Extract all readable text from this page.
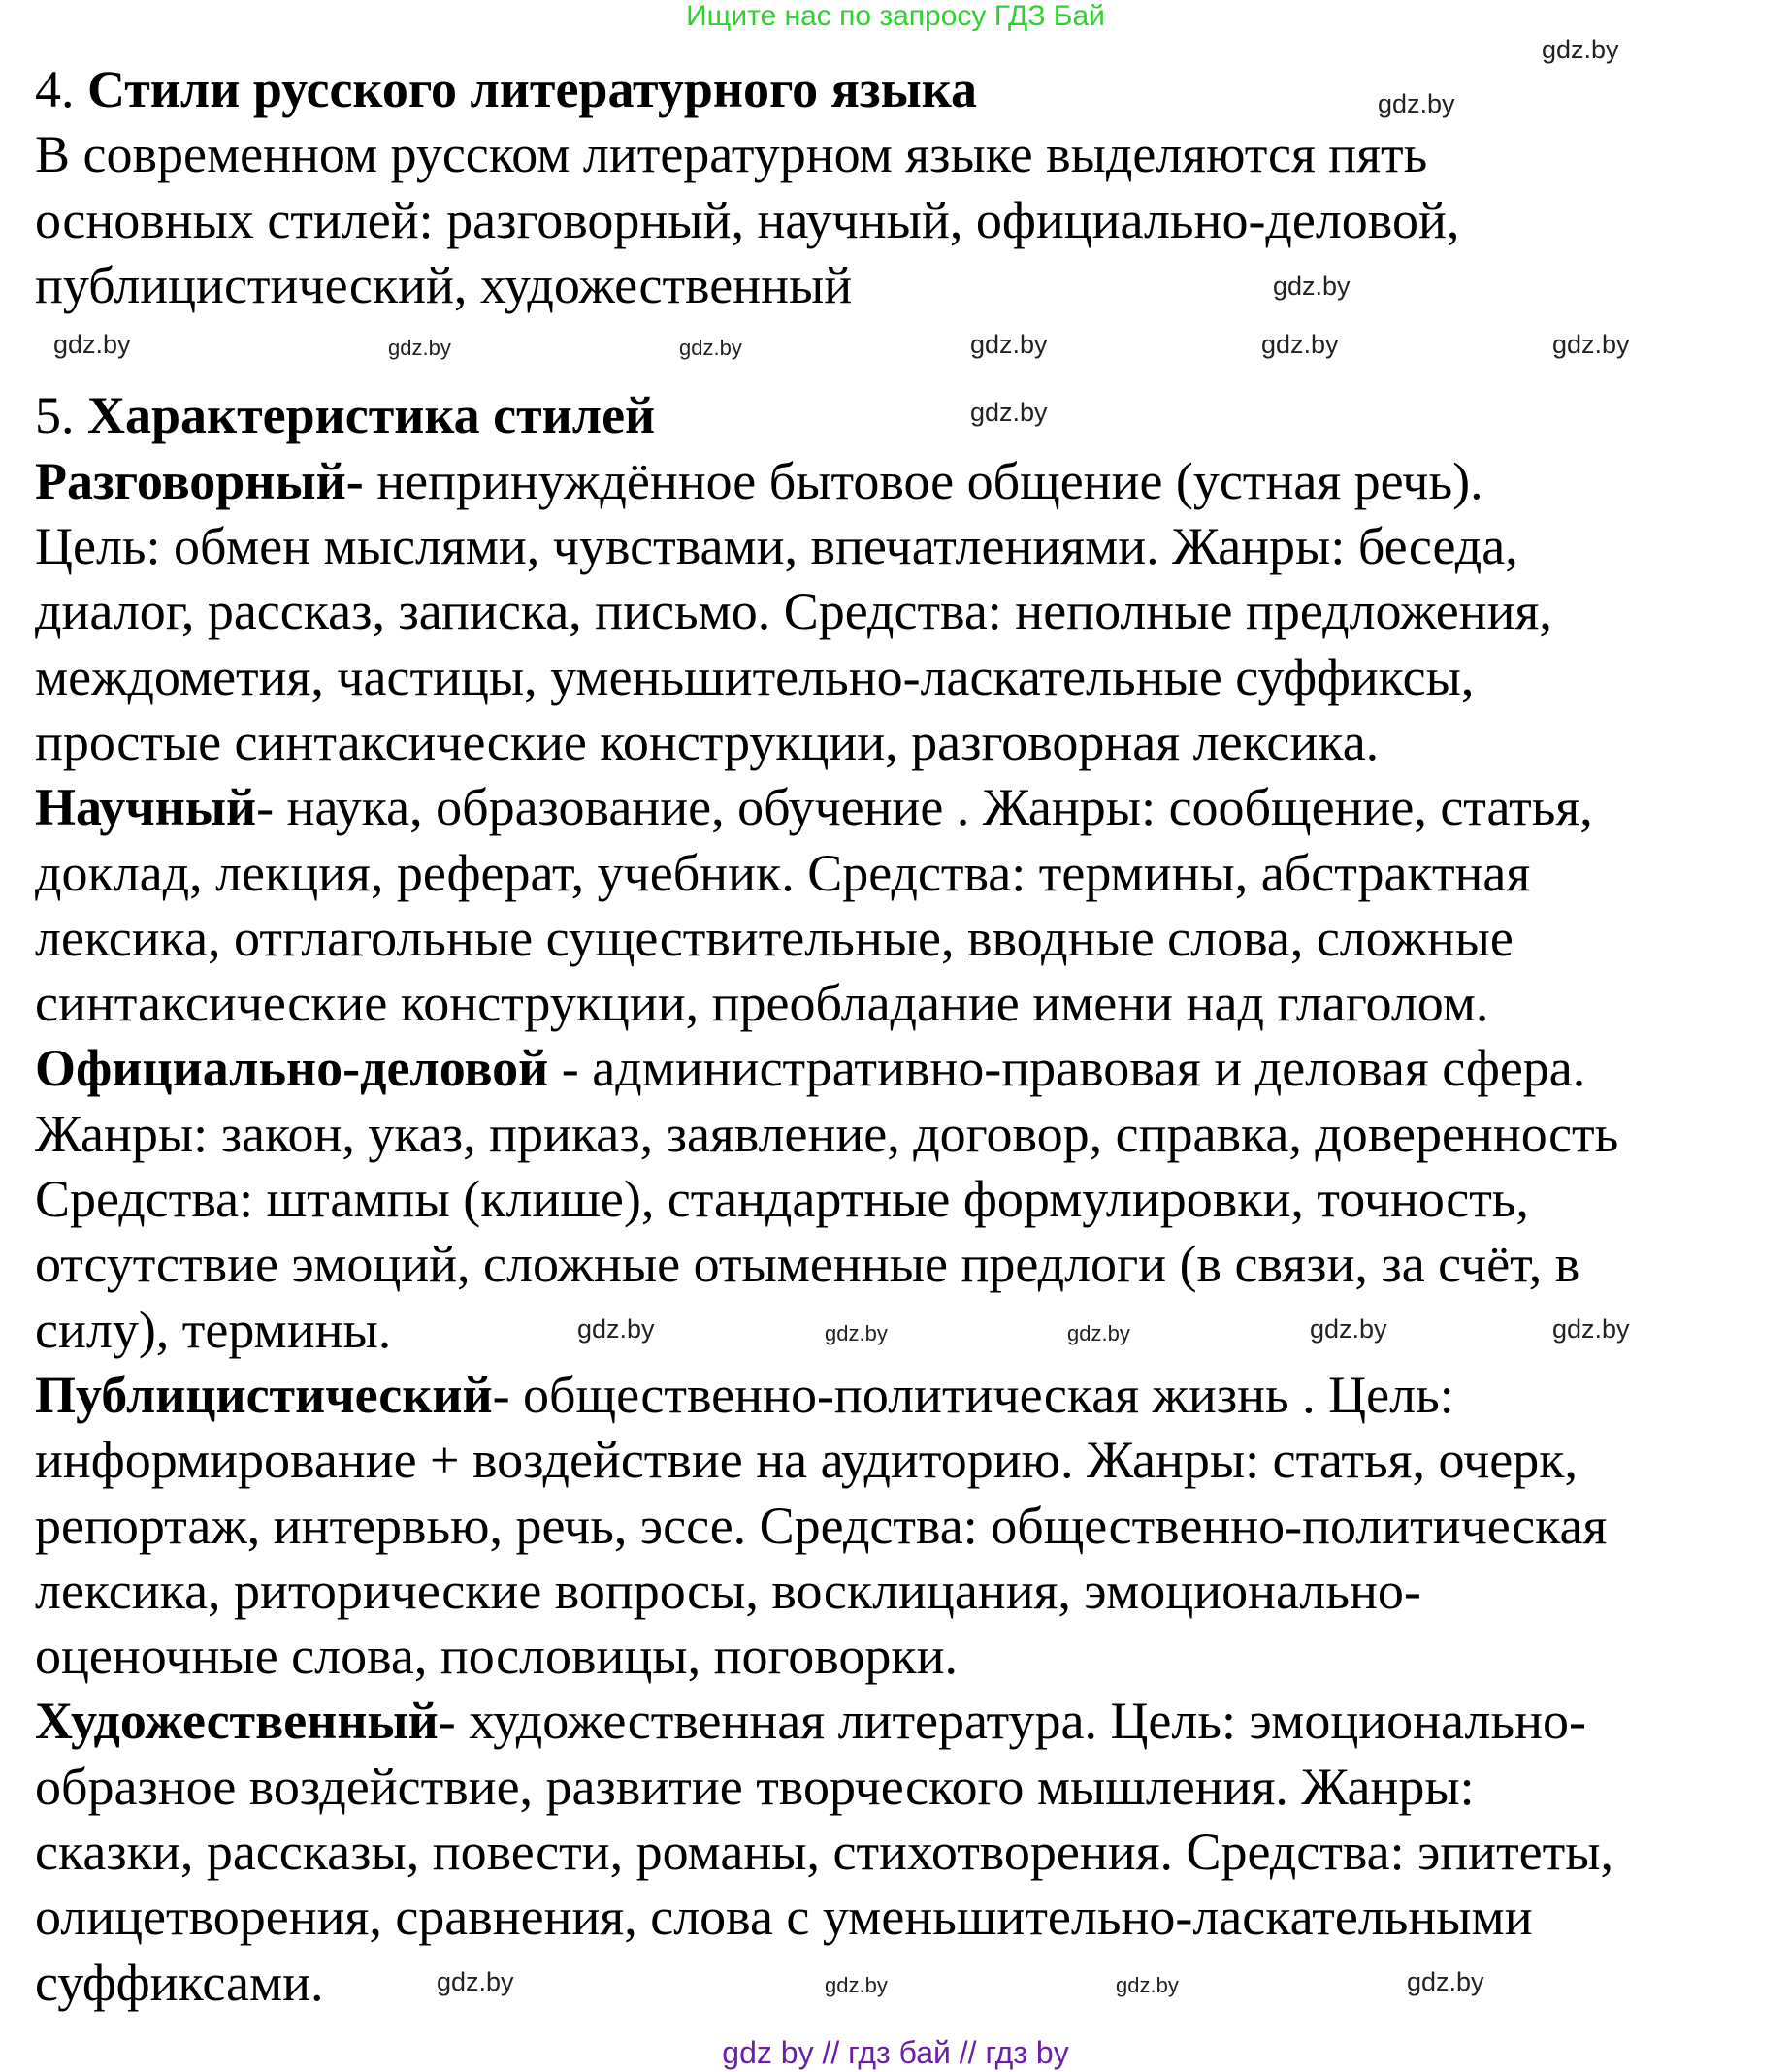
Ищите нас по запросу ГДЗ Бай
4. Стили русского литературного языка
В современном русском литературном языке выделяются пять
основных стилей: разговорный, научный, официально-деловой,
публицистический, художественный
5. Характеристика стилей
Разговорный- непринуждённое бытовое общение (устная речь).
Цель: обмен мыслями, чувствами, впечатлениями. Жанры: беседа,
диалог, рассказ, записка, письмо. Средства: неполные предложения,
междометия, частицы, уменьшительно-ласкательные суффиксы,
простые синтаксические конструкции, разговорная лексика.
Научный- наука, образование, обучение . Жанры: сообщение, статья,
доклад, лекция, реферат, учебник. Средства: термины, абстрактная
лексика, отглагольные существительные, вводные слова, сложные
синтаксические конструкции, преобладание имени над глаголом.
Официально-деловой - административно-правовая и деловая сфера.
Жанры: закон, указ, приказ, заявление, договор, справка, доверенность
Средства: штампы (клише), стандартные формулировки, точность,
отсутствие эмоций, сложные отыменные предлоги (в связи, за счёт, в
силу), термины.
Публицистический- общественно-политическая жизнь . Цель:
информирование + воздействие на аудиторию. Жанры: статья, очерк,
репортаж, интервью, речь, эссе. Средства: общественно-политическая
лексика, риторические вопросы, восклицания, эмоционально-
оценочные слова, пословицы, поговорки.
Художественный- художественная литература. Цель: эмоционально-
образное воздействие, развитие творческого мышления. Жанры:
сказки, рассказы, повести, романы, стихотворения. Средства: эпитеты,
олицетворения, сравнения, слова с уменьшительно-ласкательными
суффиксами.
gdz.by
gdz.by
gdz.by
gdz.by	gdz.by	gdz.by	gdz.by	gdz.by	gdz.by
gdz.by
gdz.by	gdz.by	gdz.by	gdz.by	gdz.by
gdz.by	gdz.by	gdz.by	gdz.by
gdz by // гдз бай // гдз by
